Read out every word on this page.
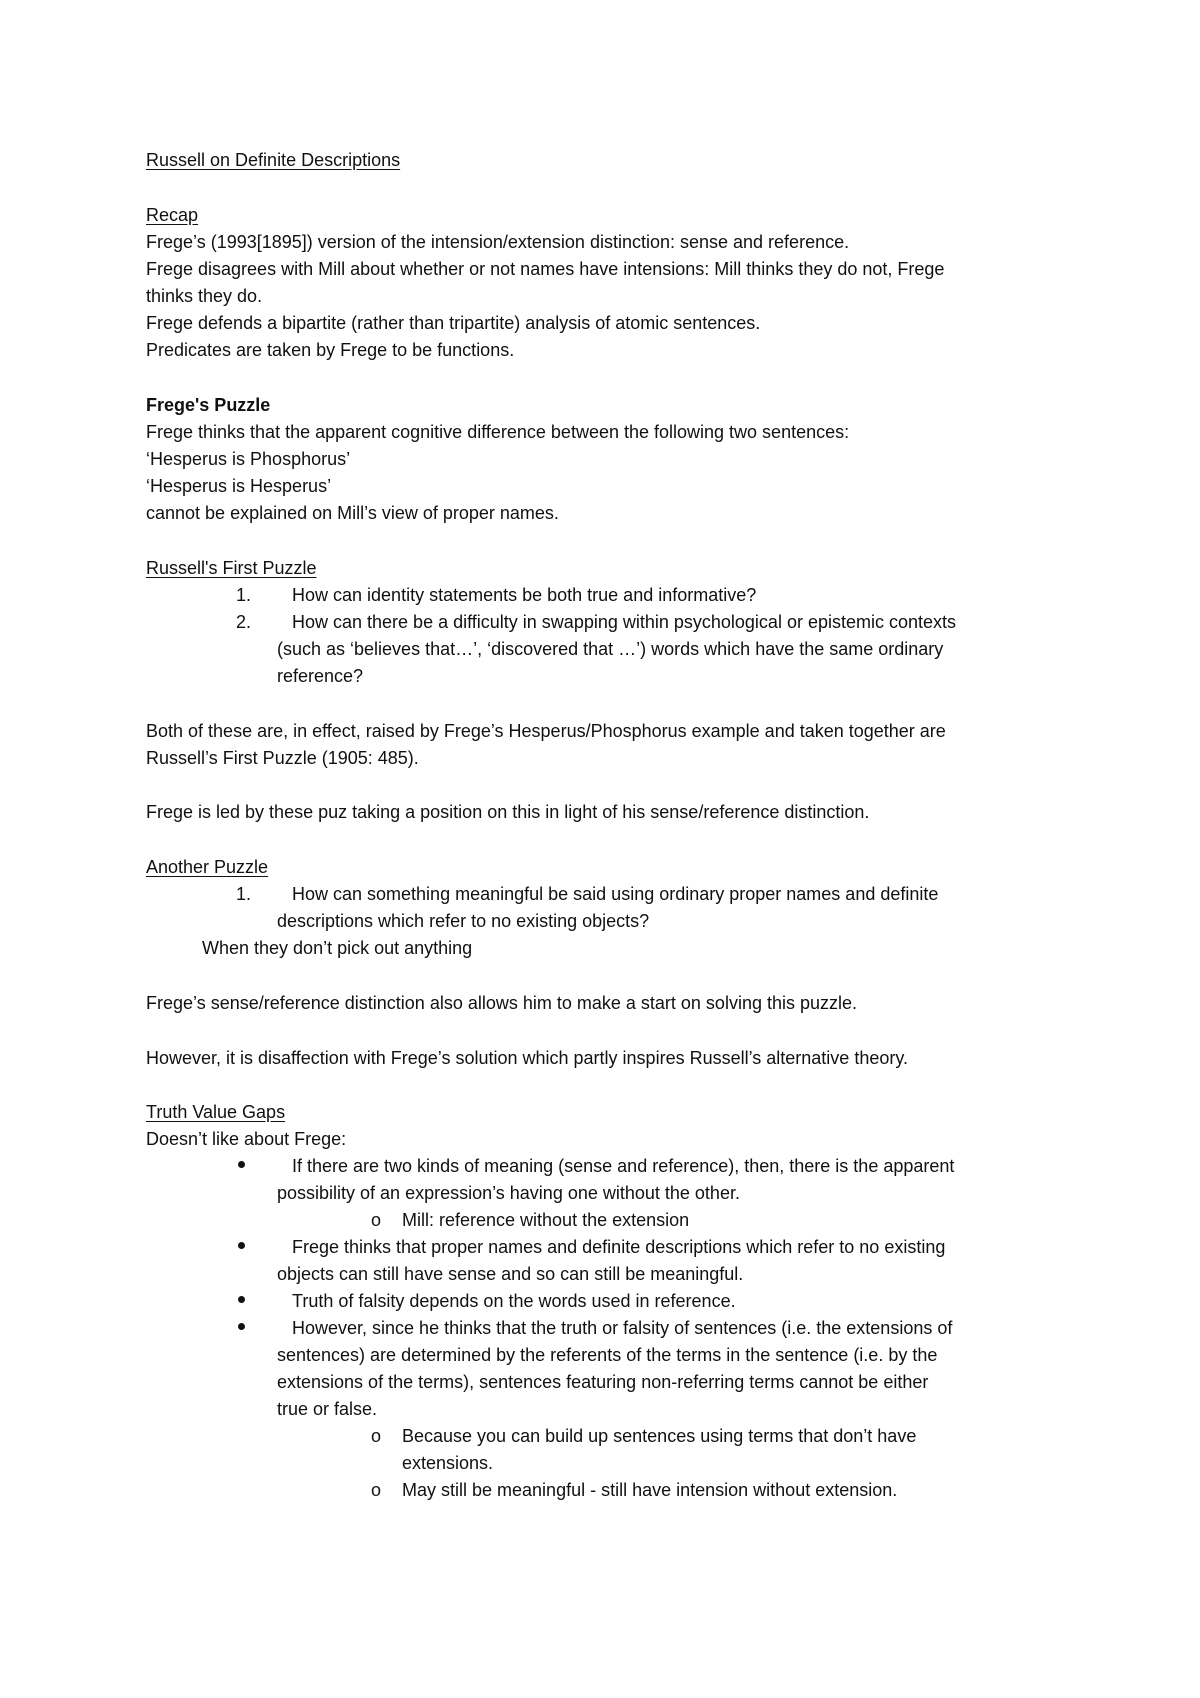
Russell on Definite Descriptions
Recap
Frege’s (1993[1895]) version of the intension/extension distinction: sense and reference.
Frege disagrees with Mill about whether or not names have intensions: Mill thinks they do not, Frege
thinks they do.
Frege defends a bipartite (rather than tripartite) analysis of atomic sentences.
Predicates are taken by Frege to be functions.
Frege's Puzzle
Frege thinks that the apparent cognitive difference between the following two sentences:
‘Hesperus is Phosphorus’
‘Hesperus is Hesperus’
cannot be explained on Mill’s view of proper names.
Russell's First Puzzle
1. How can identity statements be both true and informative?
2. How can there be a difficulty in swapping within psychological or epistemic contexts
(such as ‘believes that…’, ‘discovered that …’) words which have the same ordinary
reference?
Both of these are, in effect, raised by Frege’s Hesperus/Phosphorus example and taken together are
Russell’s First Puzzle (1905: 485).
Frege is led by these puz taking a position on this in light of his sense/reference distinction.
Another Puzzle
1. How can something meaningful be said using ordinary proper names and definite
descriptions which refer to no existing objects?
When they don’t pick out anything
Frege’s sense/reference distinction also allows him to make a start on solving this puzzle.
However, it is disaffection with Frege’s solution which partly inspires Russell’s alternative theory.
Truth Value Gaps
Doesn’t like about Frege:
If there are two kinds of meaning (sense and reference), then, there is the apparent
possibility of an expression’s having one without the other.
o Mill: reference without the extension
Frege thinks that proper names and definite descriptions which refer to no existing
objects can still have sense and so can still be meaningful.
Truth of falsity depends on the words used in reference.
However, since he thinks that the truth or falsity of sentences (i.e. the extensions of
sentences) are determined by the referents of the terms in the sentence (i.e. by the
extensions of the terms), sentences featuring non-referring terms cannot be either
true or false.
o Because you can build up sentences using terms that don’t have
extensions.
o May still be meaningful - still have intension without extension.
